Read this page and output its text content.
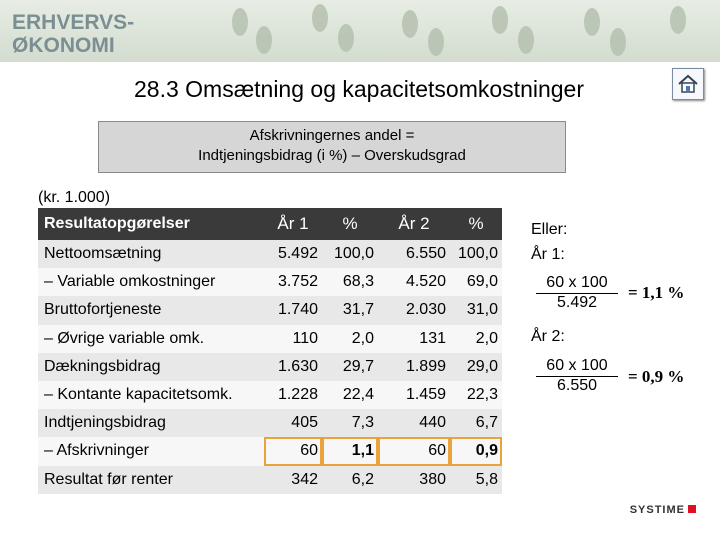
ERHVERVS-
ØKONOMI
28.3 Omsætning og kapacitetsomkostninger
Afskrivningernes andel =
Indtjeningsbidrag (i %) – Overskudsgrad
(kr. 1.000)
Resultatopgørelser	År 1	%	År 2	%
Nettoomsætning	5.492	100,0	6.550	100,0
– Variable omkostninger	3.752	68,3	4.520	69,0
Bruttofortjeneste	1.740	31,7	2.030	31,0
– Øvrige variable omk.	110	2,0	131	2,0
Dækningsbidrag	1.630	29,7	1.899	29,0
– Kontante kapacitetsomk.	1.228	22,4	1.459	22,3
Indtjeningsbidrag	405	7,3	440	6,7
– Afskrivninger	60	1,1	60	0,9
Resultat før renter	342	6,2	380	5,8
Eller:
År 1:
$\frac{60 x 100}{5.492} = 1,1$ %
År 2:
$\frac{60 x 100}{6.550} = 0,9$ %
SYSTIME
